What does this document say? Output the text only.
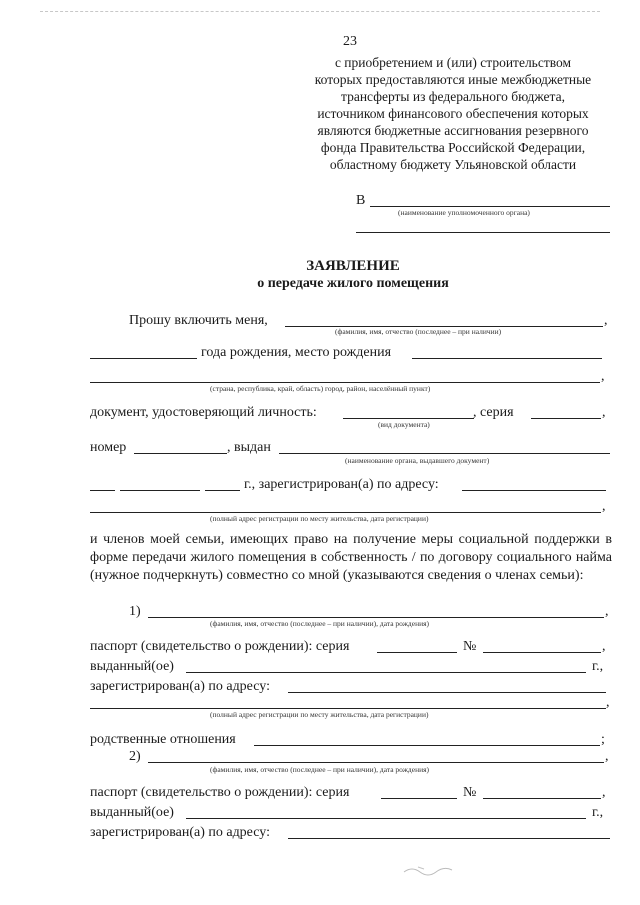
23
с приобретением и (или) строительством
которых предоставляются иные межбюджетные
трансферты из федерального бюджета,
источником финансового обеспечения которых
являются бюджетные ассигнования резервного
фонда Правительства Российской Федерации,
областному бюджету Ульяновской области
В
(наименование уполномоченного органа)
ЗАЯВЛЕНИЕ
о передаче жилого помещения
Прошу включить меня,	,
(фамилия, имя, отчество (последнее – при наличии)
года рождения, место рождения
,
(страна, республика, край, область) город, район, населённый пункт)
документ, удостоверяющий личность:	, серия	,
(вид документа)
номер	, выдан
(наименование органа, выдавшего документ)
г., зарегистрирован(а) по адресу:
,
(полный адрес регистрации по месту жительства, дата регистрации)
и членов моей семьи, имеющих право на получение меры социальной поддержки в форме передачи жилого помещения в собственность / по договору социального найма (нужное подчеркнуть) совместно со мной (указываются сведения о членах семьи):
1)	,
(фамилия, имя, отчество (последнее – при наличии), дата рождения)
паспорт (свидетельство о рождении): серия	№	,
выданный(ое)	г.,
зарегистрирован(а) по адресу:
,
(полный адрес регистрации по месту жительства, дата регистрации)
родственные отношения	;
2)	,
(фамилия, имя, отчество (последнее – при наличии), дата рождения)
паспорт (свидетельство о рождении): серия	№	,
выданный(ое)	г.,
зарегистрирован(а) по адресу:
